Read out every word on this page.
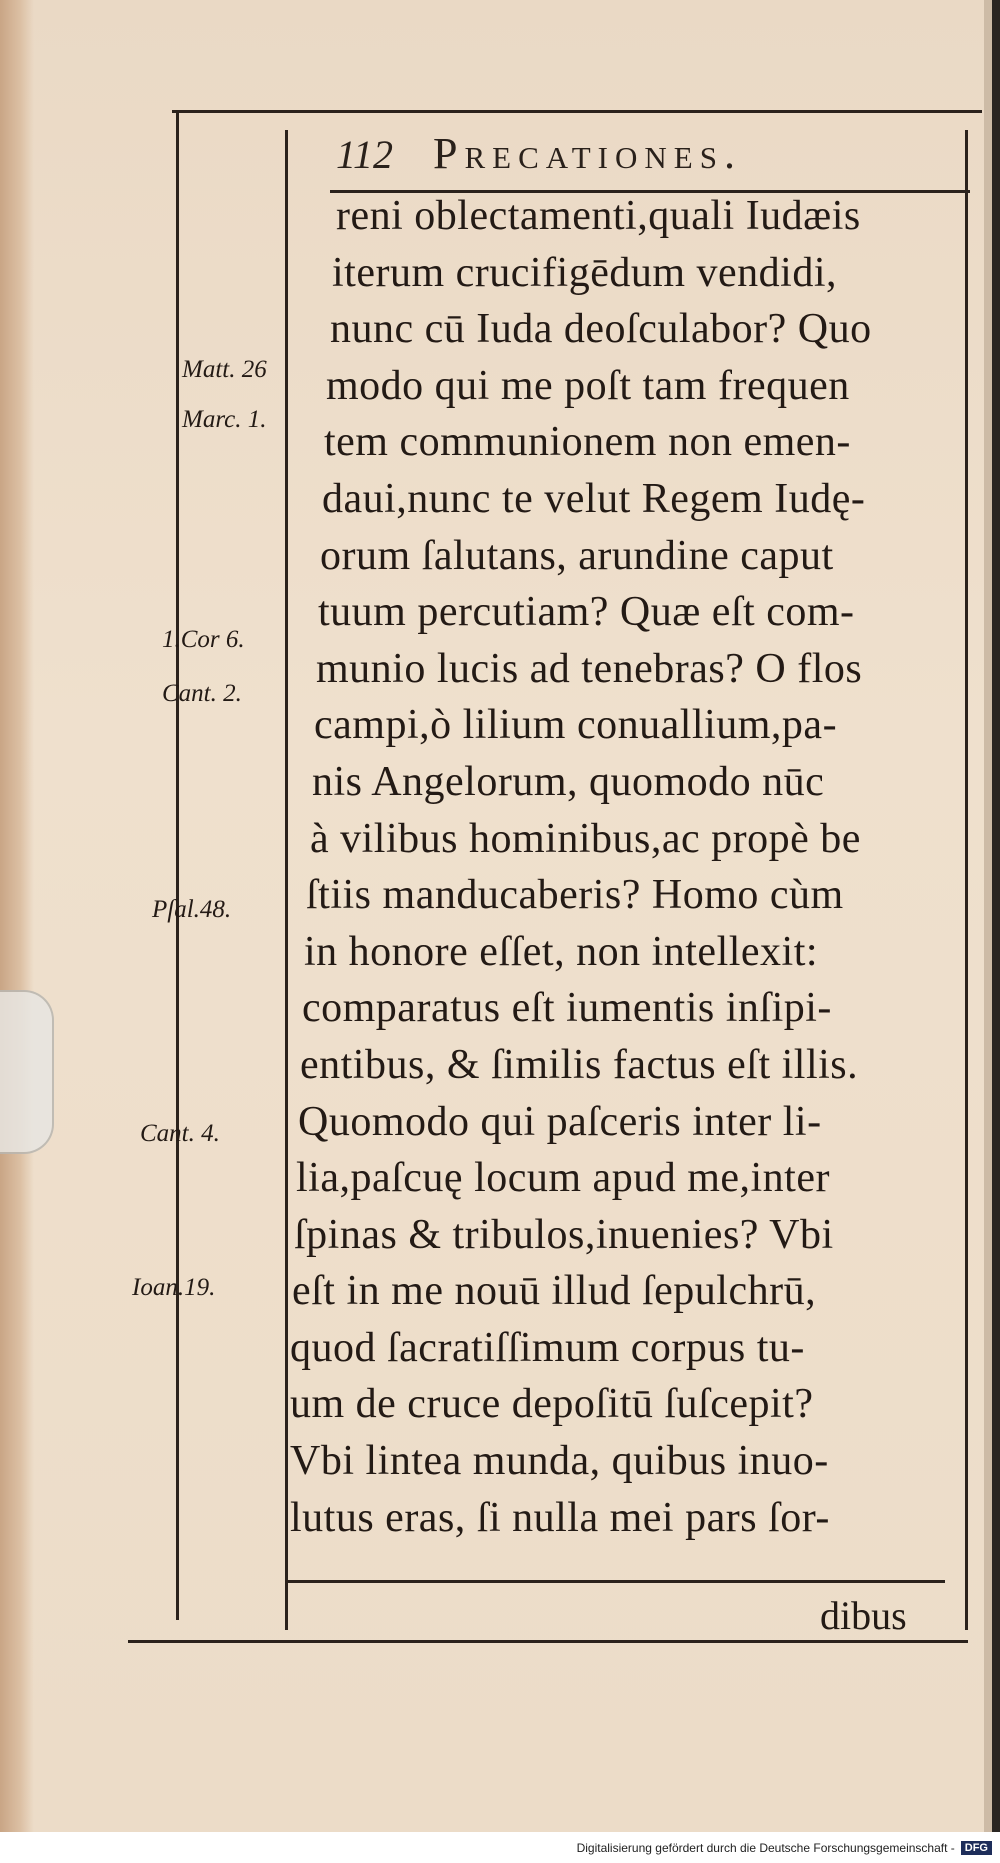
112 Precationes.
Matt. 26
Marc. 1.
1.Cor 6.
Cant. 2.
Pſal.48.
Cant. 4.
Ioan.19.
reni oblectamenti,quali Iudæis
iterum crucifigēdum vendidi,
nunc cū Iuda deoſculabor? Quo
modo qui me poſt tam frequen
tem communionem non emen-
daui,nunc te velut Regem Iudę-
orum ſalutans, arundine caput
tuum percutiam? Quæ eſt com-
munio lucis ad tenebras? O flos
campi,ò lilium conuallium,pa-
nis Angelorum, quomodo nūc
à vilibus hominibus,ac propè be
ſtiis manducaberis? Homo cùm
in honore eſſet, non intellexit:
comparatus eſt iumentis inſipi-
entibus, & ſimilis factus eſt illis.
Quomodo qui paſceris inter li-
lia,paſcuę locum apud me,inter
ſpinas & tribulos,inuenies? Vbi
eſt in me nouū illud ſepulchrū,
quod ſacratiſſimum corpus tu-
um de cruce depoſitū ſuſcepit?
Vbi lintea munda, quibus inuo-
lutus eras, ſi nulla mei pars ſor-
dibus
Digitalisierung gefördert durch die Deutsche Forschungsgemeinschaft - DFG
